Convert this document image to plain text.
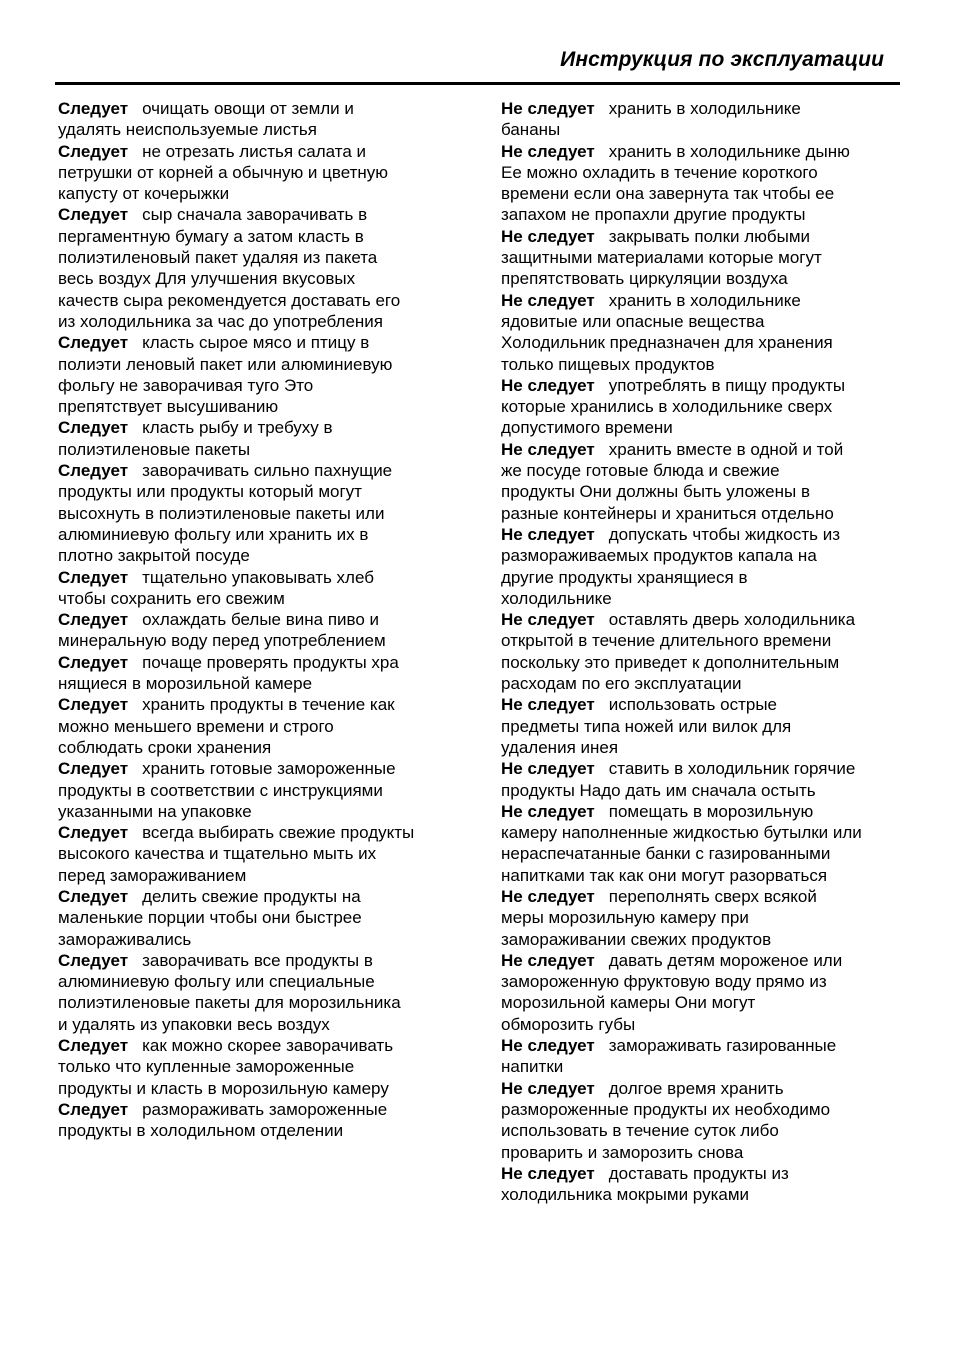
Инструкция по эксплуатации
Следует очищать овощи от земли и
удалять неиспользуемые листья
Следует не отрезать листья салата и
петрушки от корней а обычную и цветную
капусту от кочерыжки
Следует сыр сначала заворачивать в
пергаментную бумагу а затом класть в
полиэтиленовый пакет удаляя из пакета
весь воздух Для улучшения вкусовых
качеств сыра рекомендуется доставать его
из холодильника за час до употребления
Следует класть сырое мясо и птицу в
полиэти леновый пакет или алюминиевую
фольгу не заворачивая туго Это
препятствует высушиванию
Следует класть рыбу и требуху в
полиэтиленовые пакеты
Следует заворачивать сильно пахнущие
продукты или продукты который могут
высохнуть в полиэтиленовые пакеты или
алюминиевую фольгу или хранить их в
плотно закрытой посуде
Следует тщательно упаковывать хлеб
чтобы сохранить его свежим
Следует охлаждать белые вина пиво и
минеральную воду перед употреблением
Следует почаще проверять продукты хра
нящиеся в морозильной камере
Следует хранить продукты в течение как
можно меньшего времени и строго
соблюдать сроки хранения
Следует хранить готовые замороженные
продукты в соответствии с инструкциями
указанными на упаковке
Следует всегда выбирать свежие продукты
высокого качества и тщательно мыть их
перед замораживанием
Следует делить свежие продукты на
маленькие порции чтобы они быстрее
замораживались
Следует заворачивать все продукты в
алюминиевую фольгу или специальные
полиэтиленовые пакеты для морозильника
и удалять из упаковки весь воздух
Следует как можно скорее заворачивать
только что купленные замороженные
продукты и класть в морозильную камеру
Следует размораживать замороженные
продукты в холодильном отделении
Не следует хранить в холодильнике
бананы
Не следует хранить в холодильнике дыню
Ее можно охладить в течение короткого
времени если она завернута так чтобы ее
запахом не пропахли другие продукты
Не следует закрывать полки любыми
защитными материалами которые могут
препятствовать циркуляции воздуха
Не следует хранить в холодильнике
ядовитые или опасные вещества
Холодильник предназначен для хранения
только пищевых продуктов
Не следует употреблять в пищу продукты
которые хранились в холодильнике сверх
допустимого времени
Не следует хранить вместе в одной и той
же посуде готовые блюда и свежие
продукты Они должны быть уложены в
разные контейнеры и храниться отдельно
Не следует допускать чтобы жидкость из
размораживаемых продуктов капала на
другие продукты хранящиеся в
холодильнике
Не следует оставлять дверь холодильника
открытой в течение длительного времени
поскольку это приведет к дополнительным
расходам по его эксплуатации
Не следует использовать острые
предметы типа ножей или вилок для
удаления инея
Не следует ставить в холодильник горячие
продукты Надо дать им сначала остыть
Не следует помещать в морозильную
камеру наполненные жидкостью бутылки или
нераспечатанные банки с газированными
напитками так как они могут разорваться
Не следует переполнять сверх всякой
меры морозильную камеру при
замораживании свежих продуктов
Не следует давать детям мороженое или
замороженную фруктовую воду прямо из
морозильной камеры Они могут
обморозить губы
Не следует замораживать газированные
напитки
Не следует долгое время хранить
размороженные продукты их необходимо
использовать в течение суток либо
проварить и заморозить снова
Не следует доставать продукты из
холодильника мокрыми руками
